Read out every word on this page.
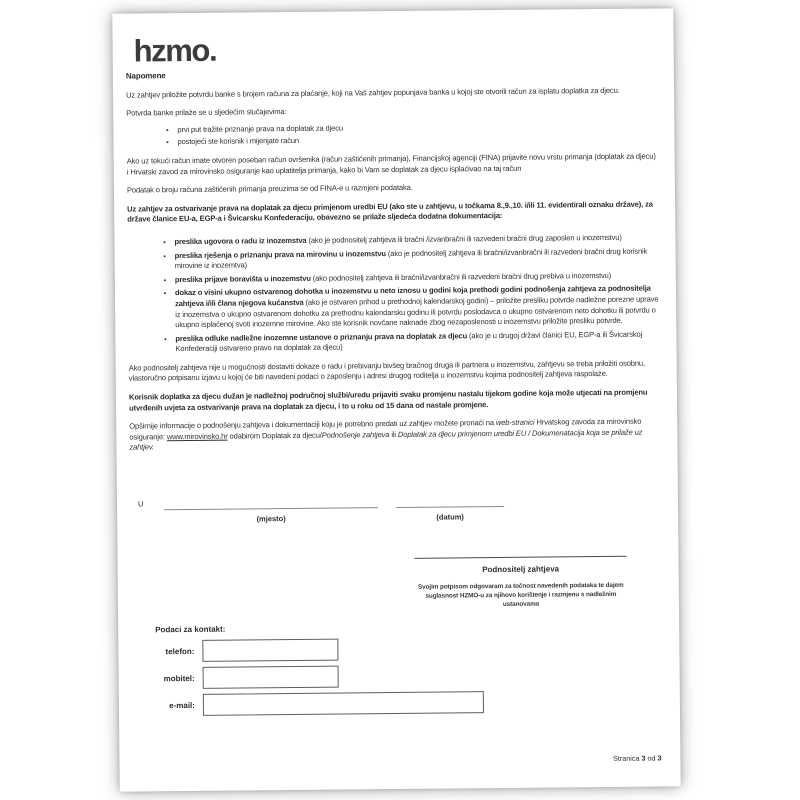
hzmo.
Napomene

Uz zahtjev priložite potvrdu banke s brojem računa za plaćanje, koji na Vaš zahtjev popunjava banka u kojoj ste otvorili račun za isplatu doplatka za djecu.

Potvrda banke prilaže se u sljedećim slučajevima:

• prvi put tražite priznanje prava na doplatak za djecu
• postojeći ste korisnik i mijenjate račun

Ako uz tekući račun imate otvoren poseban račun ovršenika (račun zaštićenih primanja), Financijskoj agenciji (FINA) prijavite novu vrstu primanja (doplatak za djecu) i Hrvatski zavod za mirovinsko osiguranje kao uplatitelja primanja, kako bi Vam se doplatak za djecu isplaćivao na taj račun

Podatak o broju računa zaštićenih primanja preuzima se od FINA-e u razmjeni podataka.

Uz zahtjev za ostvarivanje prava na doplatak za djecu primjenom uredbi EU (ako ste u zahtjevu, u točkama 8.,9.,10. i/ili 11. evidentirali oznaku države), za države članice EU-a, EGP-a i Švicarsku Konfederaciju, obavezno se prilaže sljedeća dodatna dokumentacija:

• preslika ugovora o radu iz inozemstva (ako je podnositelj zahtjeva ili bračni /izvanbračni ili razvedeni bračni drug zaposlen u inozemstvu)
• preslika rješenja o priznanju prava na mirovinu u inozemstvu (ako je podnositelj zahtjeva ili bračni/izvanbračni ili razvedeni bračni drug korisnik mirovine iz inozemtva)
• preslika prijave boravišta u inozemstvu (ako podnositelj zahtjeva ili bračni/izvanbračni ili razvedeni bračni drug prebiva u inozemstvu)
• dokaz o visini ukupno ostvarenog dohotka u inozemstvu u neto iznosu u godini koja prethodi godini podnošenja zahtjeva za podnositelja zahtjeva i/ili člana njegova kućanstva (ako je ostvaren prihod u prethodnoj kalendarskoj godini) – priložite presliku potvrde nadležne porezne uprave iz inozemstva o ukupno ostvarenom dohotku za prethodnu kalendarsku godinu ili potvrdu poslodavca o ukupno ostvarenom neto dohotku ili potvrdu o ukupno isplaćenoj svoti inozemne mirovine. Ako ste korisnik novčane naknade zbog nezaposlenosti u inozemstvu priložite presliku potvrde.
• preslika odluke nadležne inozemne ustanove o priznanju prava na doplatak za djecu (ako je u drugoj državi članici EU, EGP-a ili Švicarskoj Konfederaciji ostvareno pravo na doplatak za djecu)

Ako podnositelj zahtjeva nije u mogućnosti dostaviti dokaze o radu i prebivanju bivšeg bračnog druga ili partnera u inozemstvu, zahtjevu se treba priložiti osobnu, vlastoručno potpisanu izjavu u kojoj će biti navedeni podaci o zaposlenju i adresi drugog roditelja u inozemstvu kojima podnositelj zahtjeva raspolaže.

Korisnik doplatka za djecu dužan je nadležnoj područnoj službi/uredu prijaviti svaku promjenu nastalu tijekom godine koja može utjecati na promjenu utvrđenih uvjeta za ostvarivanje prava na doplatak za djecu, i to u roku od 15 dana od nastale promjene.

Opširnije informacije o podnošenju zahtjeva i dokumentaciji koju je potrebno predati uz zahtjev možete pronaći na web-stranici Hrvatskog zavoda za mirovinsko osiguranje: www.mirovinsko.hr odabirom Doplatak za djecu/Podnošenje zahtjeva ili Doplatak za djecu primjenom uredbi EU / Dokumenatacija koja se prilaže uz zahtjev.

U
(mjesto)	(datum)
Podnositelj zahtjeva
Svojim potpisom odgovaram za točnost navedenih podataka te dajem suglasnost HZMO-u za njihovo korištenje i razmjenu s nadležnim ustanovama
Podaci za kontakt:
telefon:
mobitel:
e-mail:
Stranica 3 od 3
